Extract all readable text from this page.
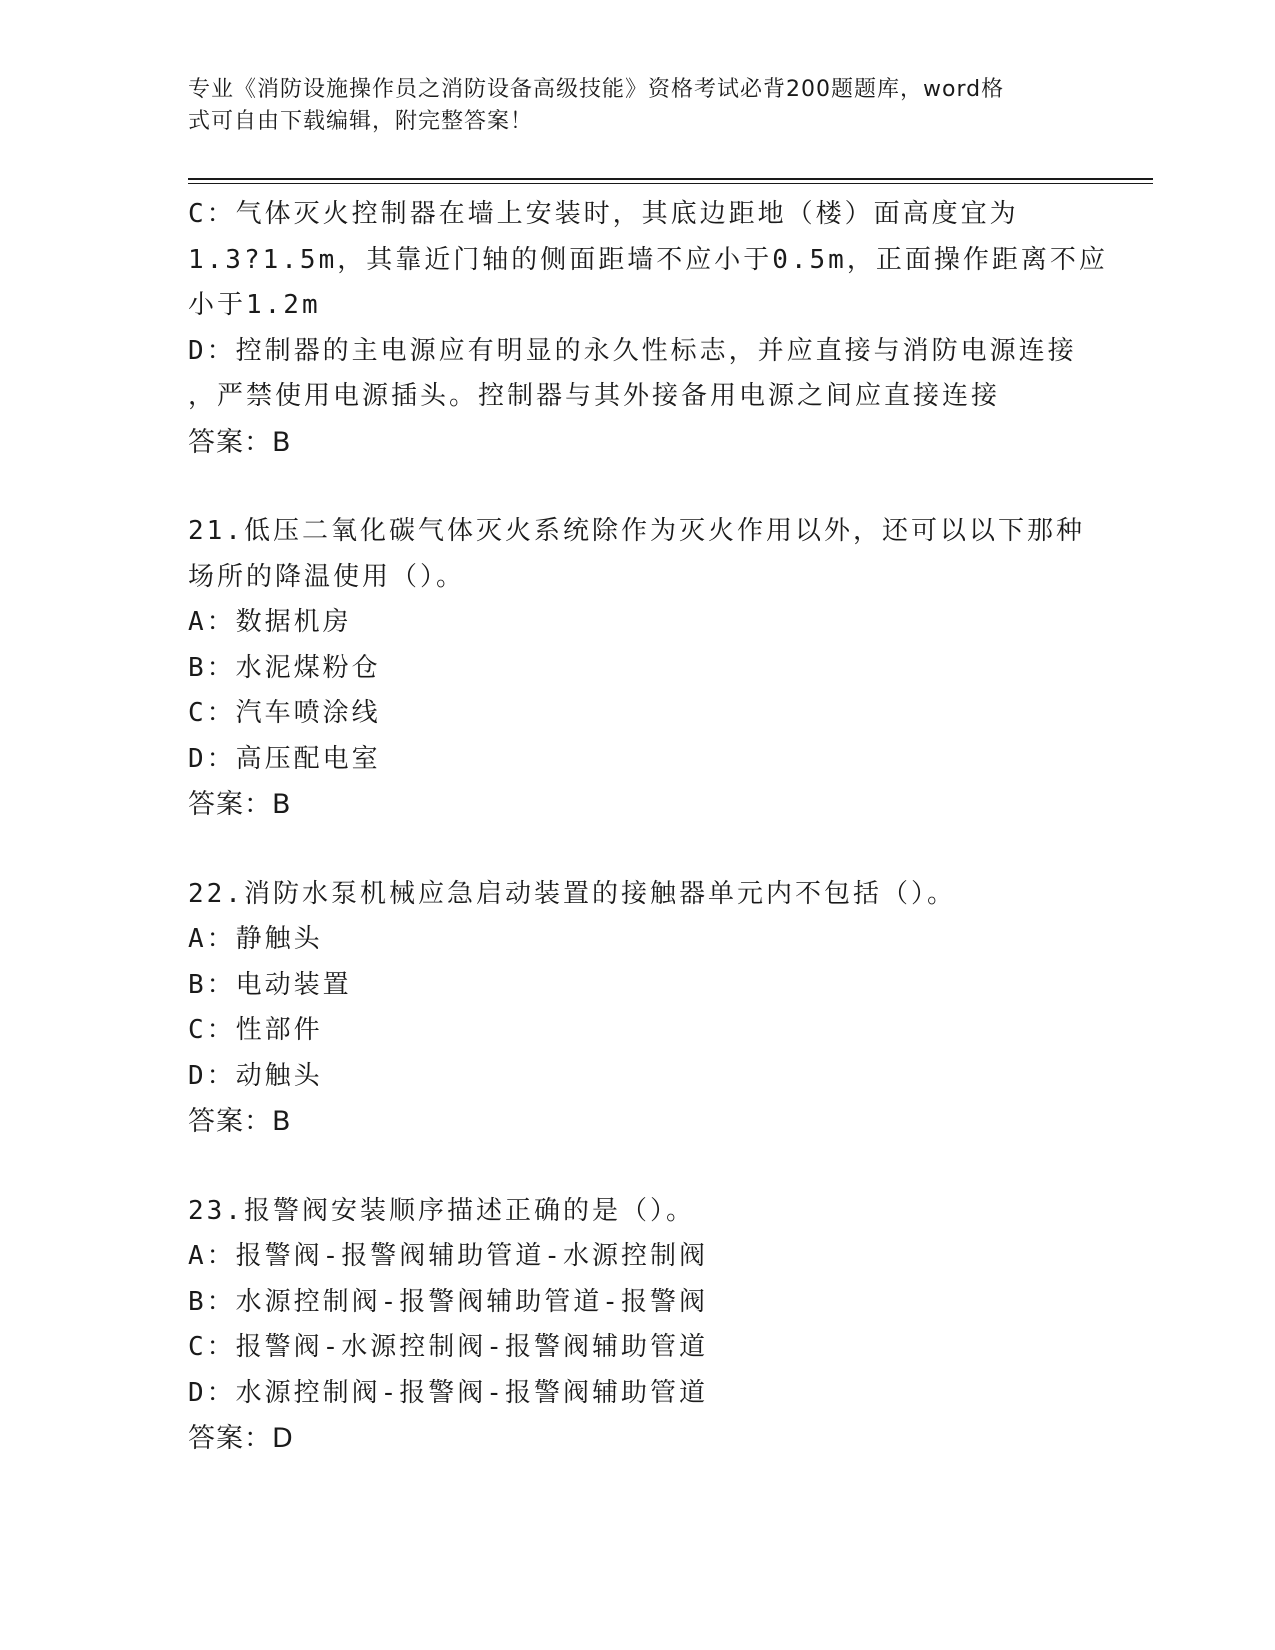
专业《消防设施操作员之消防设备高级技能》资格考试必背200题题库，word格
式可自由下载编辑，附完整答案！
C：气体灭火控制器在墙上安装时，其底边距地（楼）面高度宜为
1.3?1.5m，其靠近门轴的侧面距墙不应小于0.5m，正面操作距离不应
小于1.2m
D：控制器的主电源应有明显的永久性标志，并应直接与消防电源连接
，严禁使用电源插头。控制器与其外接备用电源之间应直接连接
答案：B
21.低压二氧化碳气体灭火系统除作为灭火作用以外，还可以以下那种
场所的降温使用（）。
A：数据机房
B：水泥煤粉仓
C：汽车喷涂线
D：高压配电室
答案：B
22.消防水泵机械应急启动装置的接触器单元内不包括（）。
A：静触头
B：电动装置
C：性部件
D：动触头
答案：B
23.报警阀安装顺序描述正确的是（）。
A：报警阀-报警阀辅助管道-水源控制阀
B：水源控制阀-报警阀辅助管道-报警阀
C：报警阀-水源控制阀-报警阀辅助管道
D：水源控制阀-报警阀-报警阀辅助管道
答案：D
